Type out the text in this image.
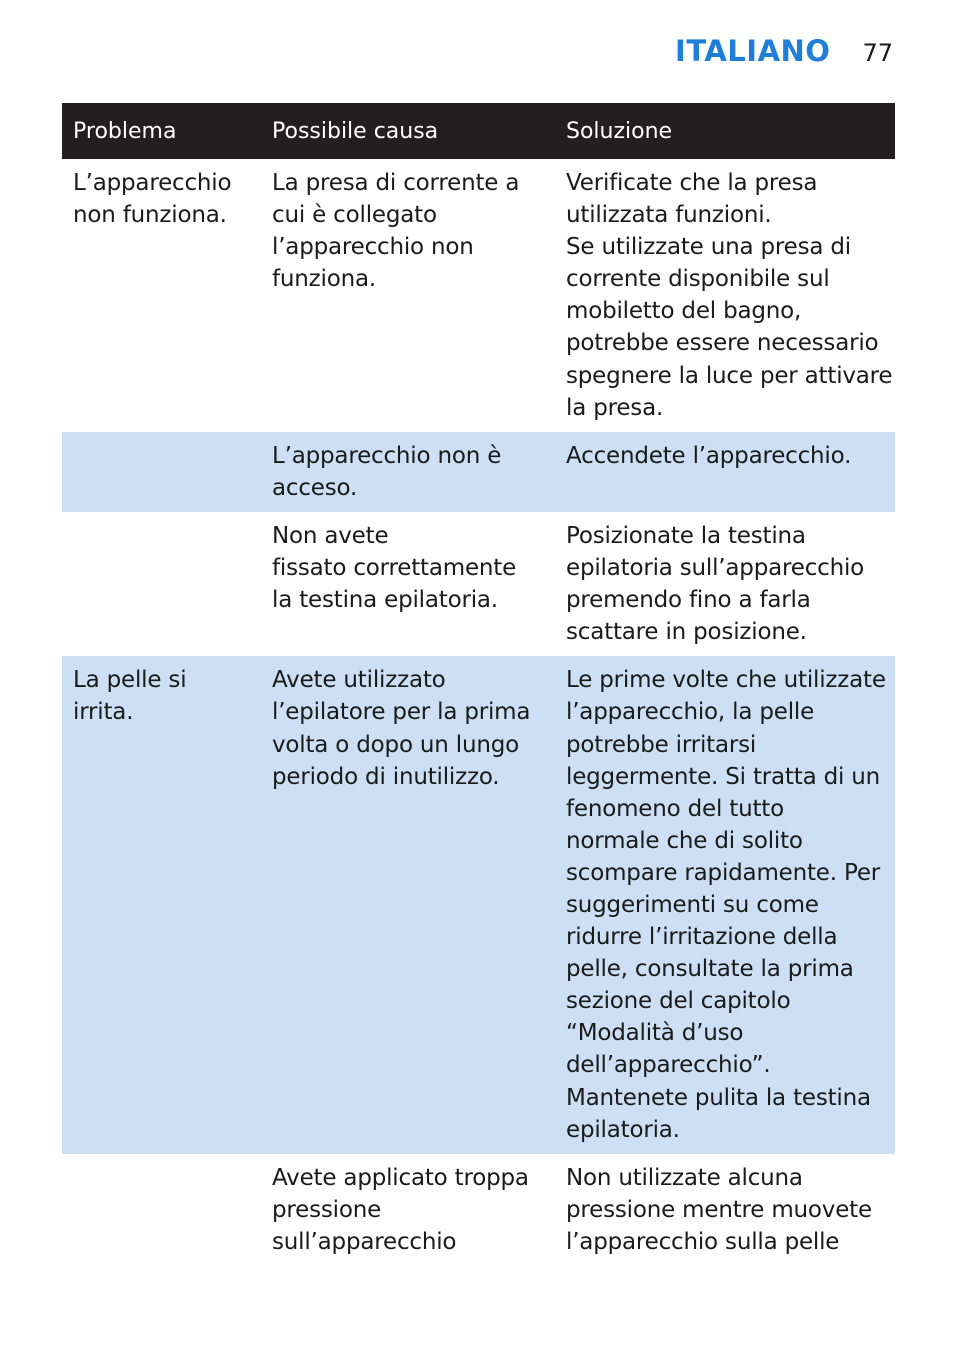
ITALIANO 77
Problema	Possibile causa	Soluzione
L’apparecchio
non funziona.
La presa di corrente a
cui è collegato
l’apparecchio non
funziona.
Verificate che la presa
utilizzata funzioni.
Se utilizzate una presa di
corrente disponibile sul
mobiletto del bagno,
potrebbe essere necessario
spegnere la luce per attivare
la presa.
L’apparecchio non è
acceso.
Accendete l’apparecchio.
Non avete
fissato correttamente
la testina epilatoria.
Posizionate la testina
epilatoria sull’apparecchio
premendo fino a farla
scattare in posizione.
La pelle si
irrita.
Avete utilizzato
l’epilatore per la prima
volta o dopo un lungo
periodo di inutilizzo.
Le prime volte che utilizzate
l’apparecchio, la pelle
potrebbe irritarsi
leggermente. Si tratta di un
fenomeno del tutto
normale che di solito
scompare rapidamente. Per
suggerimenti su come
ridurre l’irritazione della
pelle, consultate la prima
sezione del capitolo
“Modalità d’uso
dell’apparecchio”.
Mantenete pulita la testina
epilatoria.
Avete applicato troppa
pressione
sull’apparecchio
Non utilizzate alcuna
pressione mentre muovete
l’apparecchio sulla pelle
